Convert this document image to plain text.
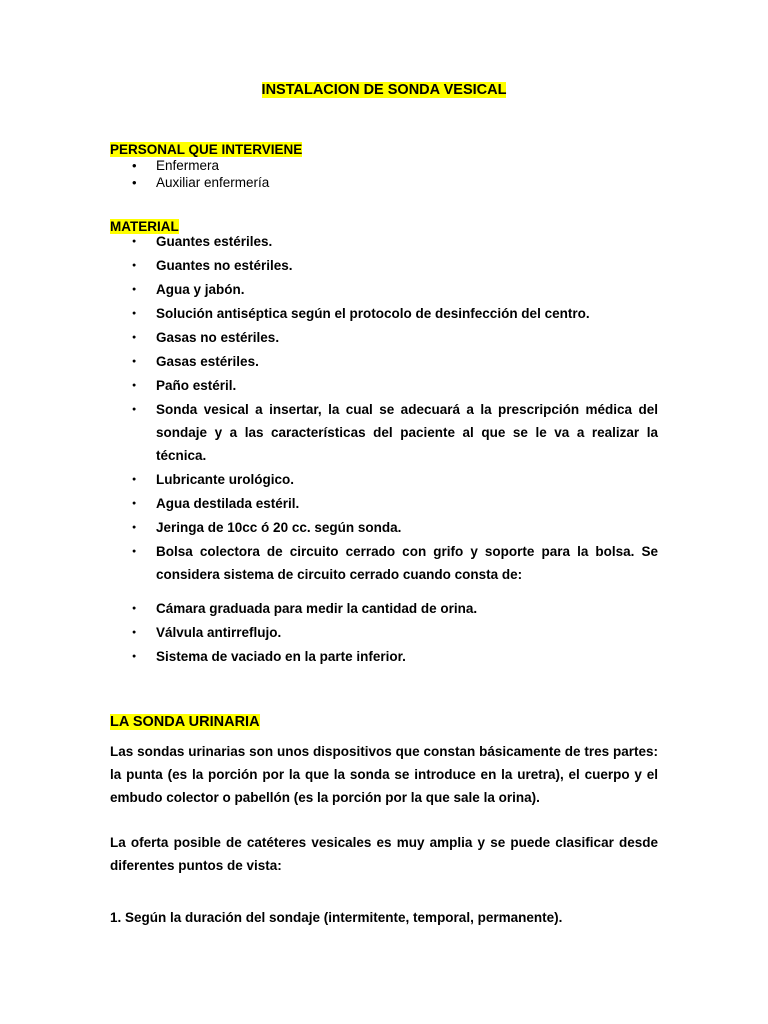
INSTALACION DE SONDA VESICAL
PERSONAL QUE INTERVIENE
• Enfermera
• Auxiliar enfermería
MATERIAL
● Guantes estériles.
● Guantes no estériles.
● Agua y jabón.
● Solución antiséptica según el protocolo de desinfección del centro.
● Gasas no estériles.
● Gasas estériles.
● Paño estéril.
● Sonda vesical a insertar, la cual se adecuará a la prescripción médica del sondaje y a las características del paciente al que se le va a realizar la técnica.
● Lubricante urológico.
● Agua destilada estéril.
● Jeringa de 10cc ó 20 cc. según sonda.
● Bolsa colectora de circuito cerrado con grifo y soporte para la bolsa. Se considera sistema de circuito cerrado cuando consta de:
● Cámara graduada para medir la cantidad de orina.
● Válvula antirreflujo.
● Sistema de vaciado en la parte inferior.
LA SONDA URINARIA

Las sondas urinarias son unos dispositivos que constan básicamente de tres partes: la punta (es la porción por la que la sonda se introduce en la uretra), el cuerpo y el embudo colector o pabellón (es la porción por la que sale la orina).

La oferta posible de catéteres vesicales es muy amplia y se puede clasificar desde diferentes puntos de vista:

1. Según la duración del sondaje (intermitente, temporal, permanente).
